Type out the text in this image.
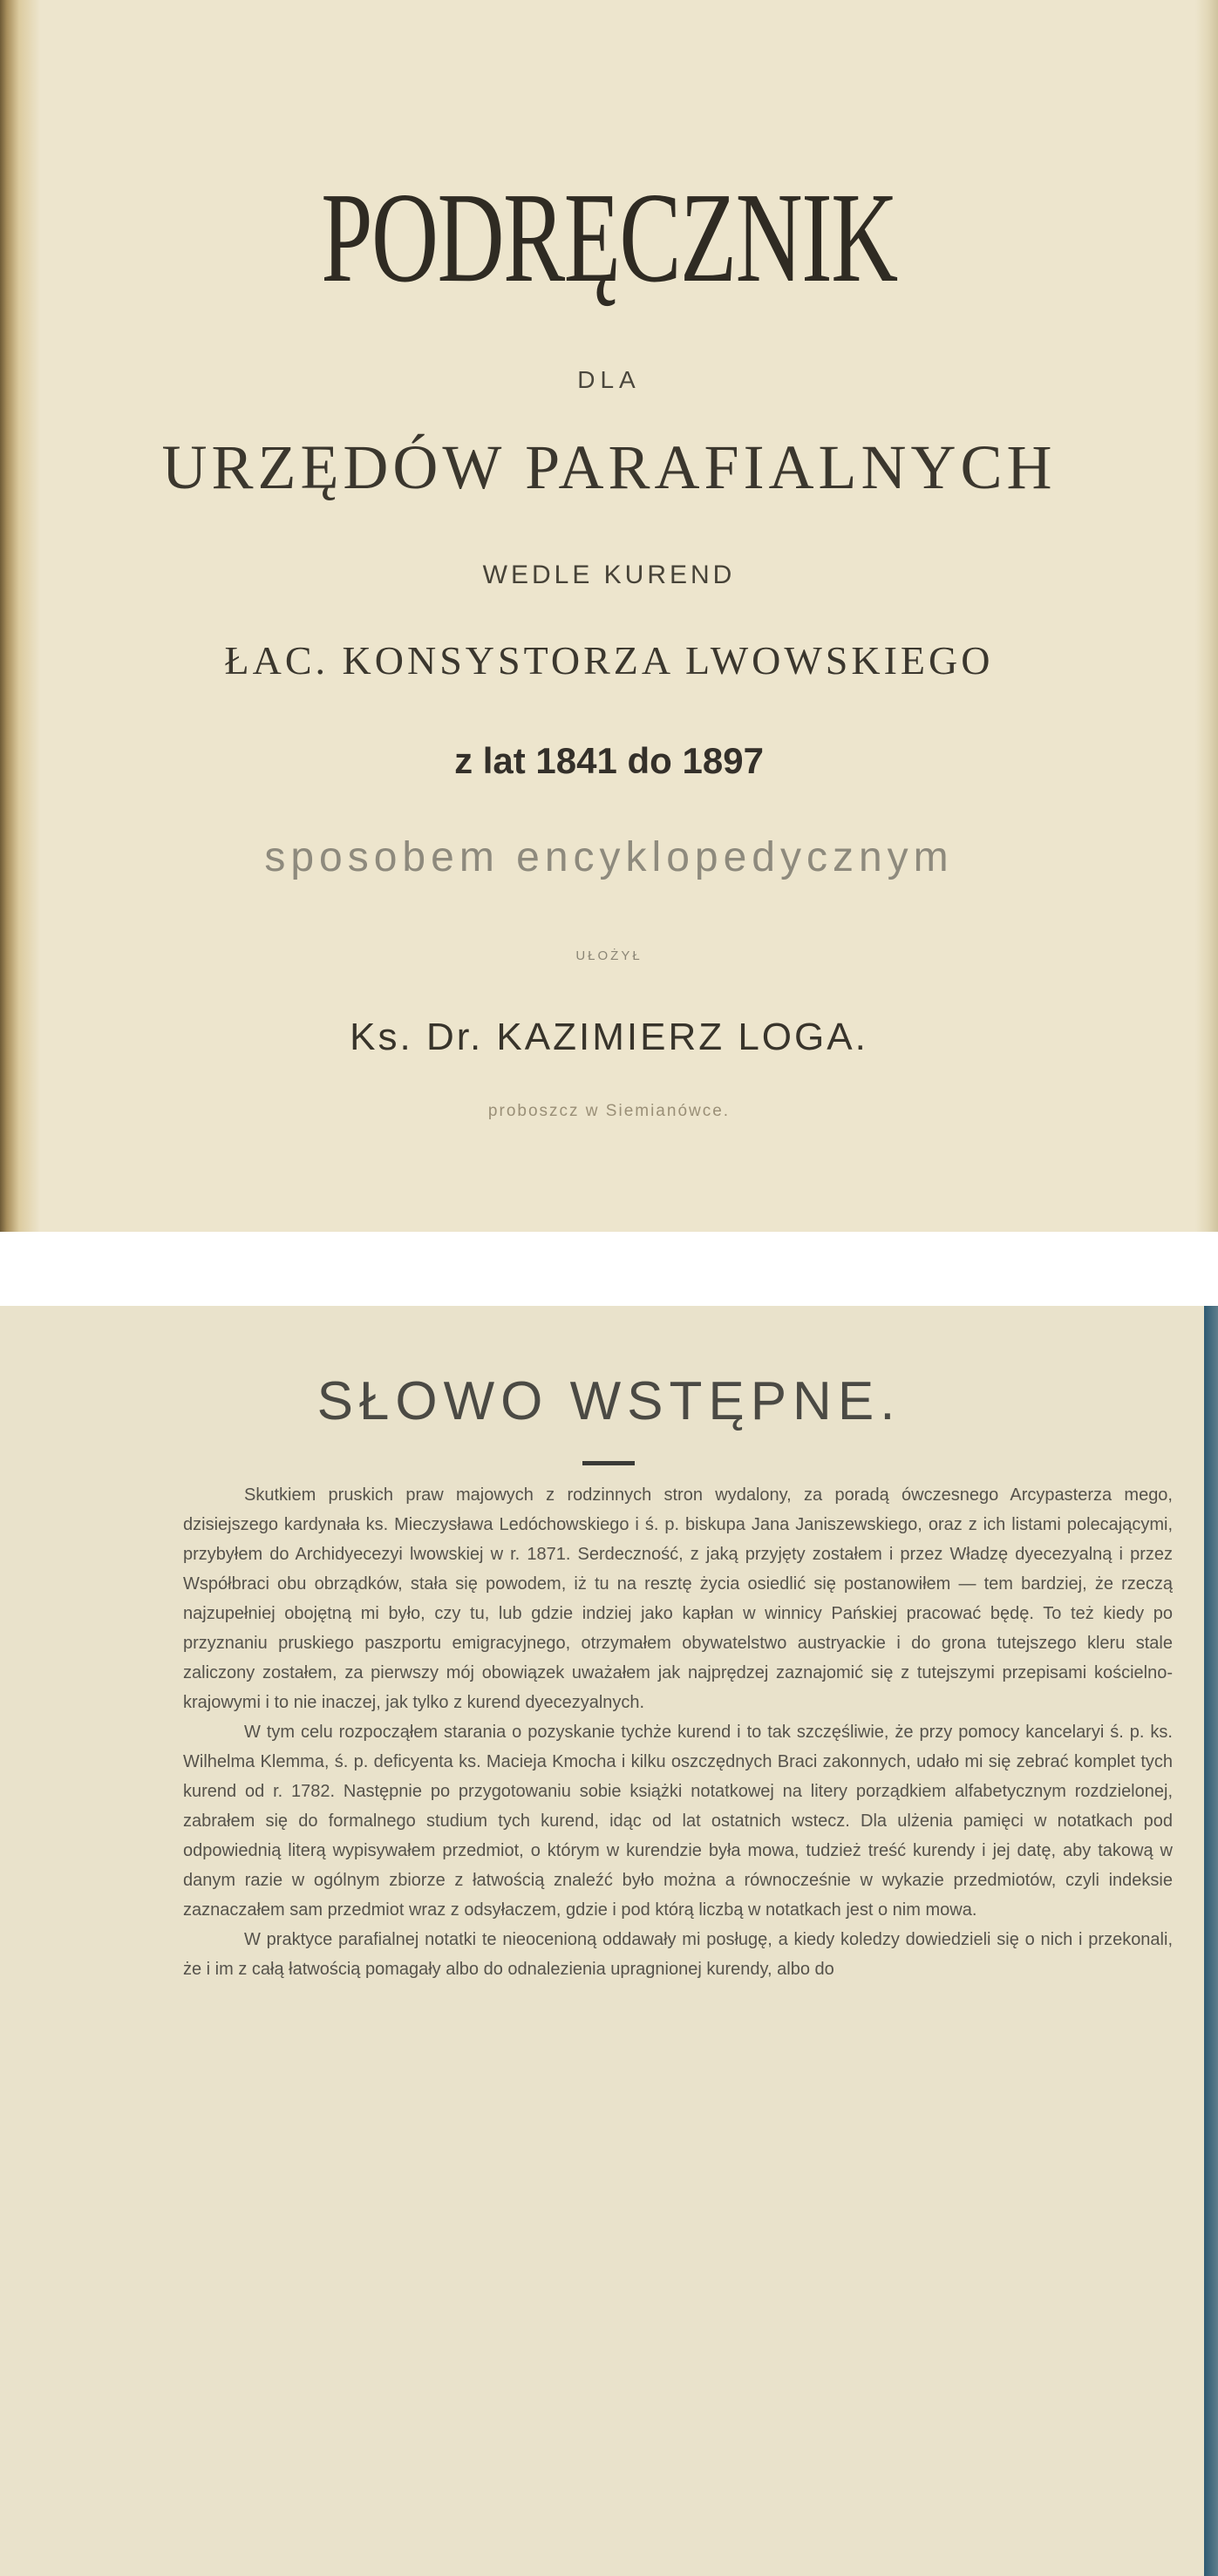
PODRĘCZNIK
DLA
URZĘDÓW PARAFIALNYCH
WEDLE KUREND
ŁAC. KONSYSTORZA LWOWSKIEGO
z lat 1841 do 1897
sposobem encyklopedycznym
UŁOŻYŁ
Ks. Dr. KAZIMIERZ LOGA.
proboszcz w Siemianówce.
SŁOWO WSTĘPNE.

Skutkiem pruskich praw majowych z rodzinnych stron wydalony, za poradą ówczesnego Arcypasterza mego, dzisiejszego kardynała ks. Mieczysława Ledóchowskiego i ś. p. biskupa Jana Janiszewskiego, oraz z ich listami polecającymi, przybyłem do Archidyecezyi lwowskiej w r. 1871. Serdeczność, z jaką przyjęty zostałem i przez Władzę dyecezyalną i przez Współbraci obu obrządków, stała się powodem, iż tu na resztę życia osiedlić się postanowiłem — tem bardziej, że rzeczą najzupełniej obojętną mi było, czy tu, lub gdzie indziej jako kapłan w winnicy Pańskiej pracować będę. To też kiedy po przyznaniu pruskiego paszportu emigracyjnego, otrzymałem obywatelstwo austryackie i do grona tutejszego kleru stale zaliczony zostałem, za pierwszy mój obowiązek uważałem jak najprędzej zaznajomić się z tutejszymi przepisami kościelno-krajowymi i to nie inaczej, jak tylko z kurend dyecezyalnych.

W tym celu rozpocząłem starania o pozyskanie tychże kurend i to tak szczęśliwie, że przy pomocy kancelaryi ś. p. ks. Wilhelma Klemma, ś. p. deficyenta ks. Macieja Kmocha i kilku oszczędnych Braci zakonnych, udało mi się zebrać komplet tych kurend od r. 1782. Następnie po przygotowaniu sobie książki notatkowej na litery porządkiem alfabetycznym rozdzielonej, zabrałem się do formalnego studium tych kurend, idąc od lat ostatnich wstecz. Dla ulżenia pamięci w notatkach pod odpowiednią literą wypisywałem przedmiot, o którym w kurendzie była mowa, tudzież treść kurendy i jej datę, aby takową w danym razie w ogólnym zbiorze z łatwością znaleźć było można a równocześnie w wykazie przedmiotów, czyli indeksie zaznaczałem sam przedmiot wraz z odsyłaczem, gdzie i pod którą liczbą w notatkach jest o nim mowa.

W praktyce parafialnej notatki te nieocenioną oddawały mi posługę, a kiedy koledzy dowiedzieli się o nich i przekonali, że i im z całą łatwością pomagały albo do odnalezienia upragnionej kurendy, albo do
